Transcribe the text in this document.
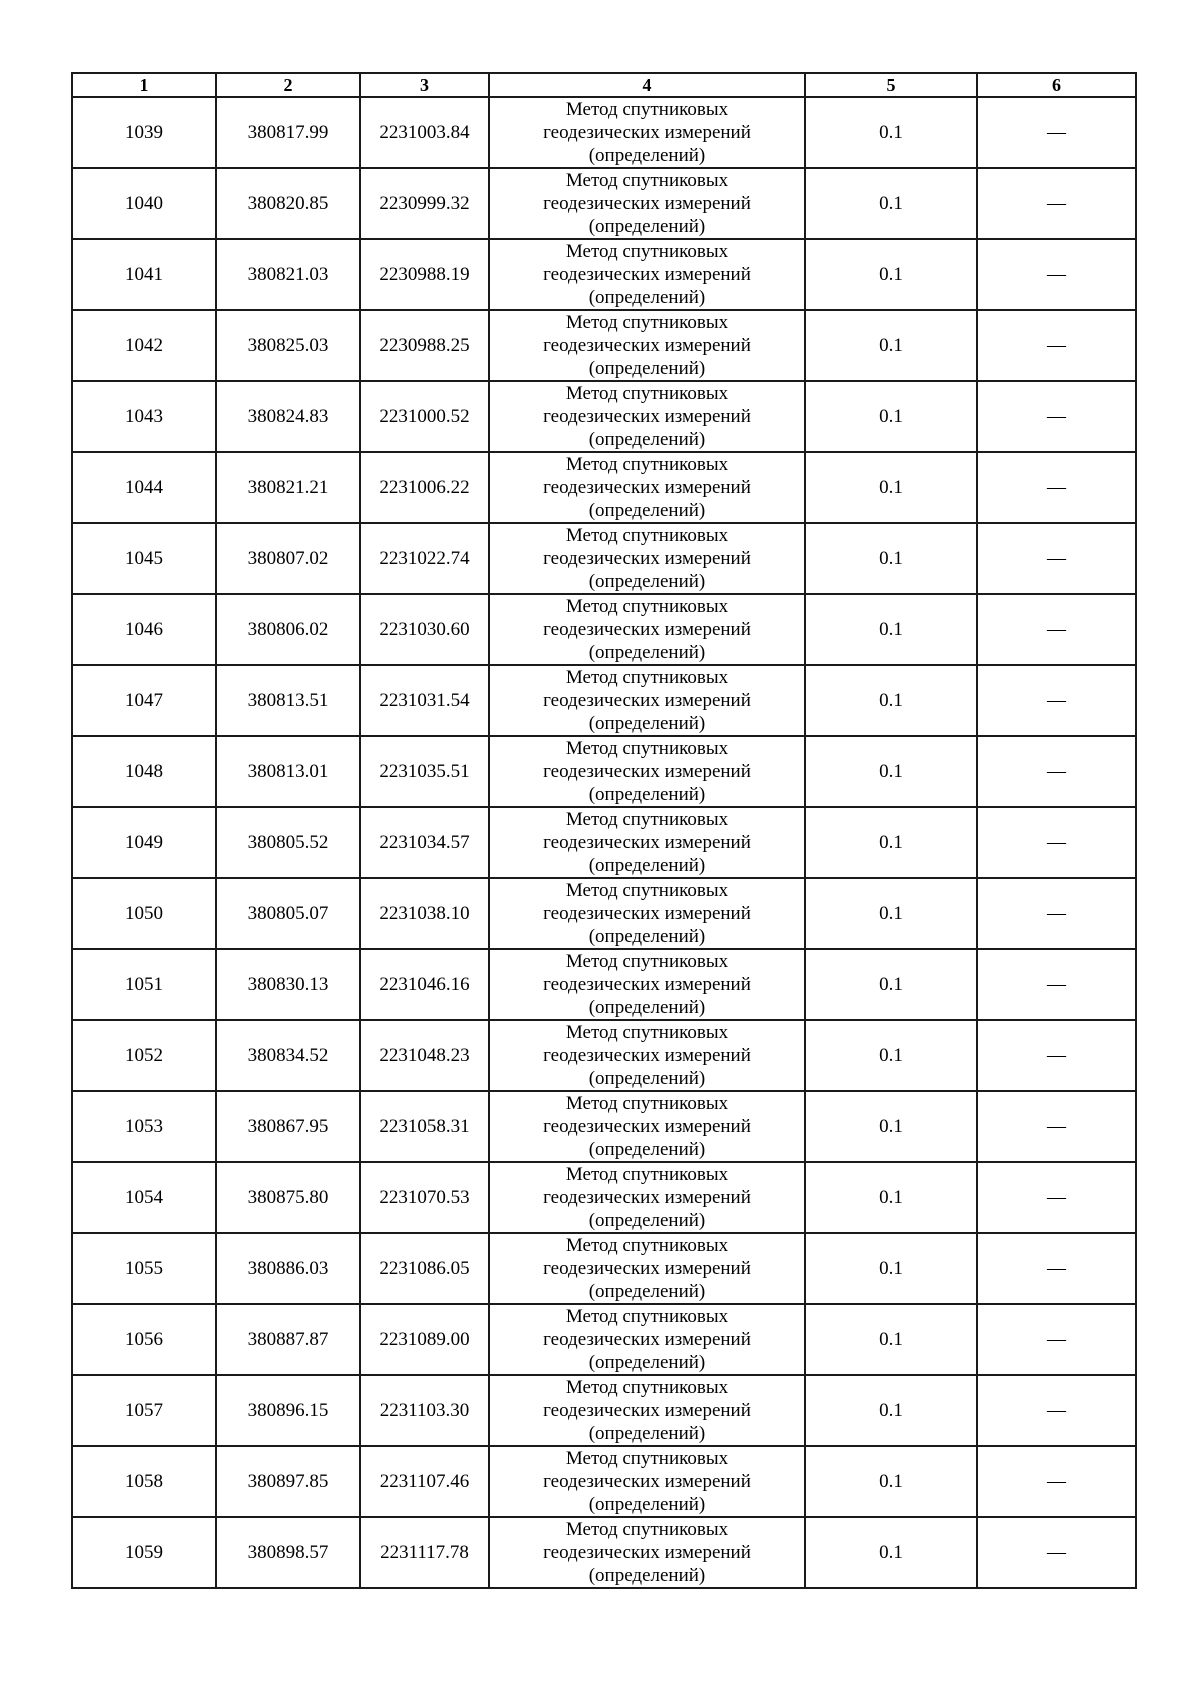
1	2	3	4	5	6
1039	380817.99	2231003.84	Метод спутниковых
геодезических измерений
(определений)	0.1	—
1040	380820.85	2230999.32	Метод спутниковых
геодезических измерений
(определений)	0.1	—
1041	380821.03	2230988.19	Метод спутниковых
геодезических измерений
(определений)	0.1	—
1042	380825.03	2230988.25	Метод спутниковых
геодезических измерений
(определений)	0.1	—
1043	380824.83	2231000.52	Метод спутниковых
геодезических измерений
(определений)	0.1	—
1044	380821.21	2231006.22	Метод спутниковых
геодезических измерений
(определений)	0.1	—
1045	380807.02	2231022.74	Метод спутниковых
геодезических измерений
(определений)	0.1	—
1046	380806.02	2231030.60	Метод спутниковых
геодезических измерений
(определений)	0.1	—
1047	380813.51	2231031.54	Метод спутниковых
геодезических измерений
(определений)	0.1	—
1048	380813.01	2231035.51	Метод спутниковых
геодезических измерений
(определений)	0.1	—
1049	380805.52	2231034.57	Метод спутниковых
геодезических измерений
(определений)	0.1	—
1050	380805.07	2231038.10	Метод спутниковых
геодезических измерений
(определений)	0.1	—
1051	380830.13	2231046.16	Метод спутниковых
геодезических измерений
(определений)	0.1	—
1052	380834.52	2231048.23	Метод спутниковых
геодезических измерений
(определений)	0.1	—
1053	380867.95	2231058.31	Метод спутниковых
геодезических измерений
(определений)	0.1	—
1054	380875.80	2231070.53	Метод спутниковых
геодезических измерений
(определений)	0.1	—
1055	380886.03	2231086.05	Метод спутниковых
геодезических измерений
(определений)	0.1	—
1056	380887.87	2231089.00	Метод спутниковых
геодезических измерений
(определений)	0.1	—
1057	380896.15	2231103.30	Метод спутниковых
геодезических измерений
(определений)	0.1	—
1058	380897.85	2231107.46	Метод спутниковых
геодезических измерений
(определений)	0.1	—
1059	380898.57	2231117.78	Метод спутниковых
геодезических измерений
(определений)	0.1	—
